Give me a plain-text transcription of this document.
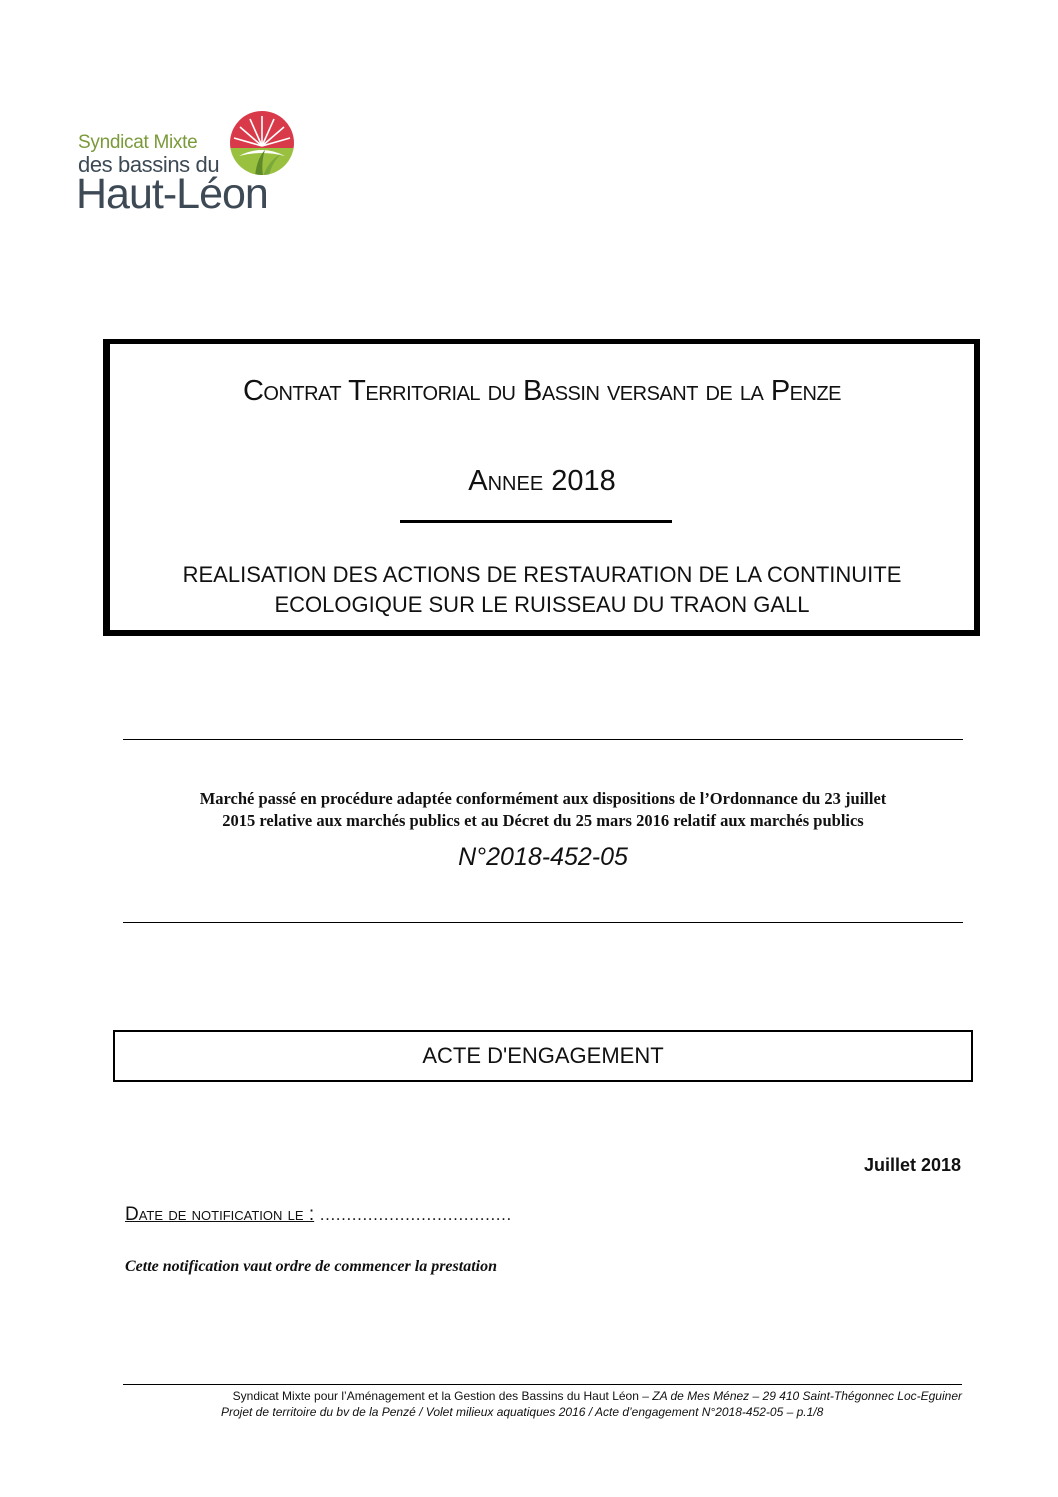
Syndicat Mixte
des bassins du
Haut-Léon
Contrat Territorial du Bassin versant de la Penze
Annee 2018
REALISATION DES ACTIONS DE RESTAURATION DE LA CONTINUITE
ECOLOGIQUE SUR LE RUISSEAU DU TRAON GALL
Marché passé en procédure adaptée conformément aux dispositions de l’Ordonnance du 23 juillet
2015 relative aux marchés publics et au Décret du 25 mars 2016 relatif aux marchés publics
N°2018-452-05
ACTE D'ENGAGEMENT
Juillet 2018
Date de notification le : ………………………………
Cette notification vaut ordre de commencer la prestation
Syndicat Mixte pour l’Aménagement et la Gestion des Bassins du Haut Léon – ZA de Mes Ménez – 29 410 Saint-Thégonnec Loc-Eguiner
Projet de territoire du bv de la Penzé / Volet milieux aquatiques 2016 / Acte d’engagement N°2018-452-05 – p.1/8
